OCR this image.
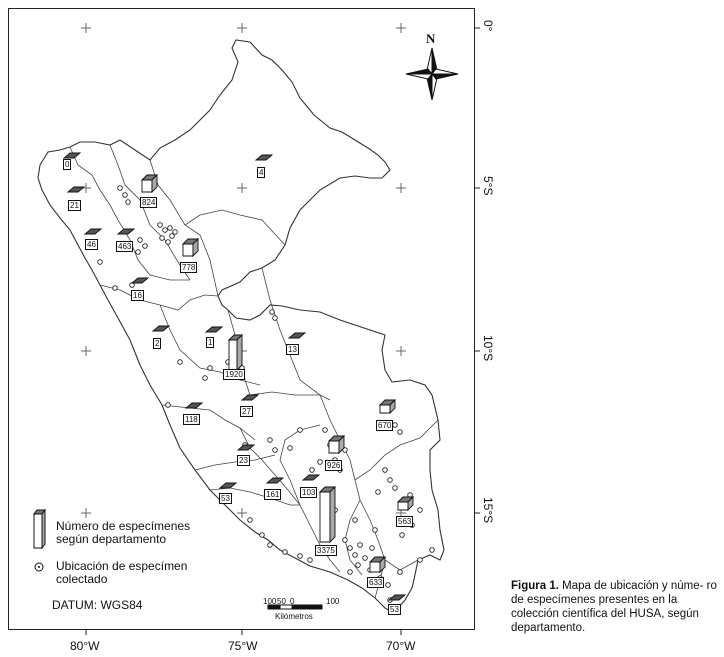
N
80°W	75°W	70°W
0°
5°S
10°S
15°S
0
4
21	824
46	463
778
16
2	1
1920
13
118
27
670
926
23
53	161	103
3375
563
633
53
Número de especímenes
según departamento
Ubicación de especímen
colectado
DATUM: WGS84	100 50 0	100
Kilómetros
Figura 1. Mapa de ubicación y núme- ro de especímenes presentes en la colección científica del HUSA, según departamento.
